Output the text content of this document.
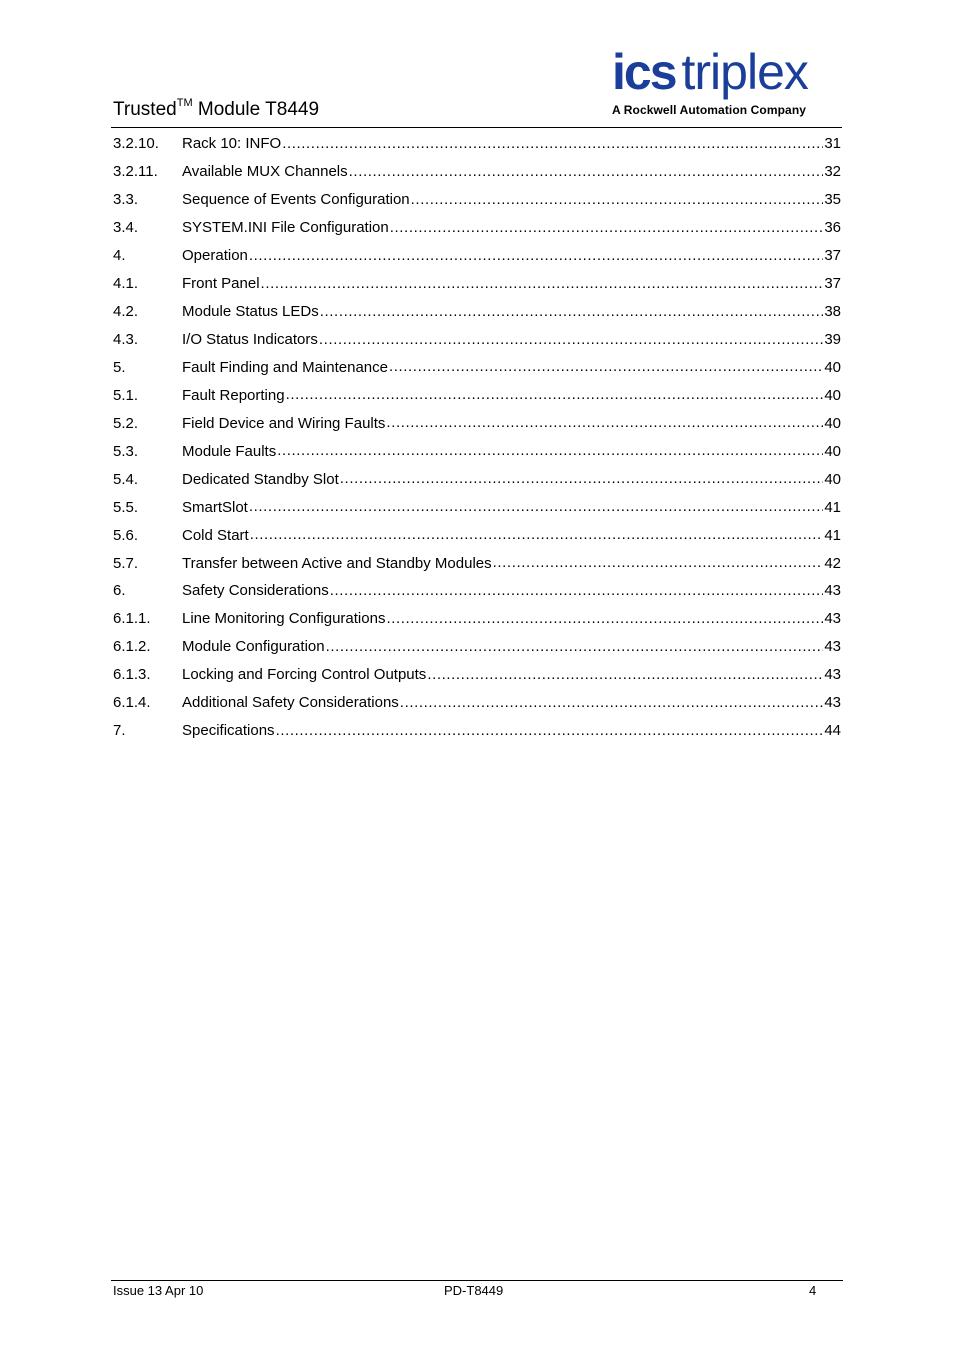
Trusted™ Module T8449
ics triplex
A Rockwell Automation Company
3.2.10.	Rack 10: INFO .....	31
3.2.11.	Available MUX Channels .....	32
3.3.	Sequence of Events Configuration .....	35
3.4.	SYSTEM.INI File Configuration .....	36
4.	Operation .....	37
4.1.	Front Panel .....	37
4.2.	Module Status LEDs .....	38
4.3.	I/O Status Indicators .....	39
5.	Fault Finding and Maintenance .....	40
5.1.	Fault Reporting .....	40
5.2.	Field Device and Wiring Faults .....	40
5.3.	Module Faults .....	40
5.4.	Dedicated Standby Slot .....	40
5.5.	SmartSlot .....	41
5.6.	Cold Start .....	41
5.7.	Transfer between Active and Standby Modules .....	42
6.	Safety Considerations .....	43
6.1.1.	Line Monitoring Configurations .....	43
6.1.2.	Module Configuration .....	43
6.1.3.	Locking and Forcing Control Outputs .....	43
6.1.4.	Additional Safety Considerations .....	43
7.	Specifications .....	44
Issue 13 Apr 10	PD-T8449	4
